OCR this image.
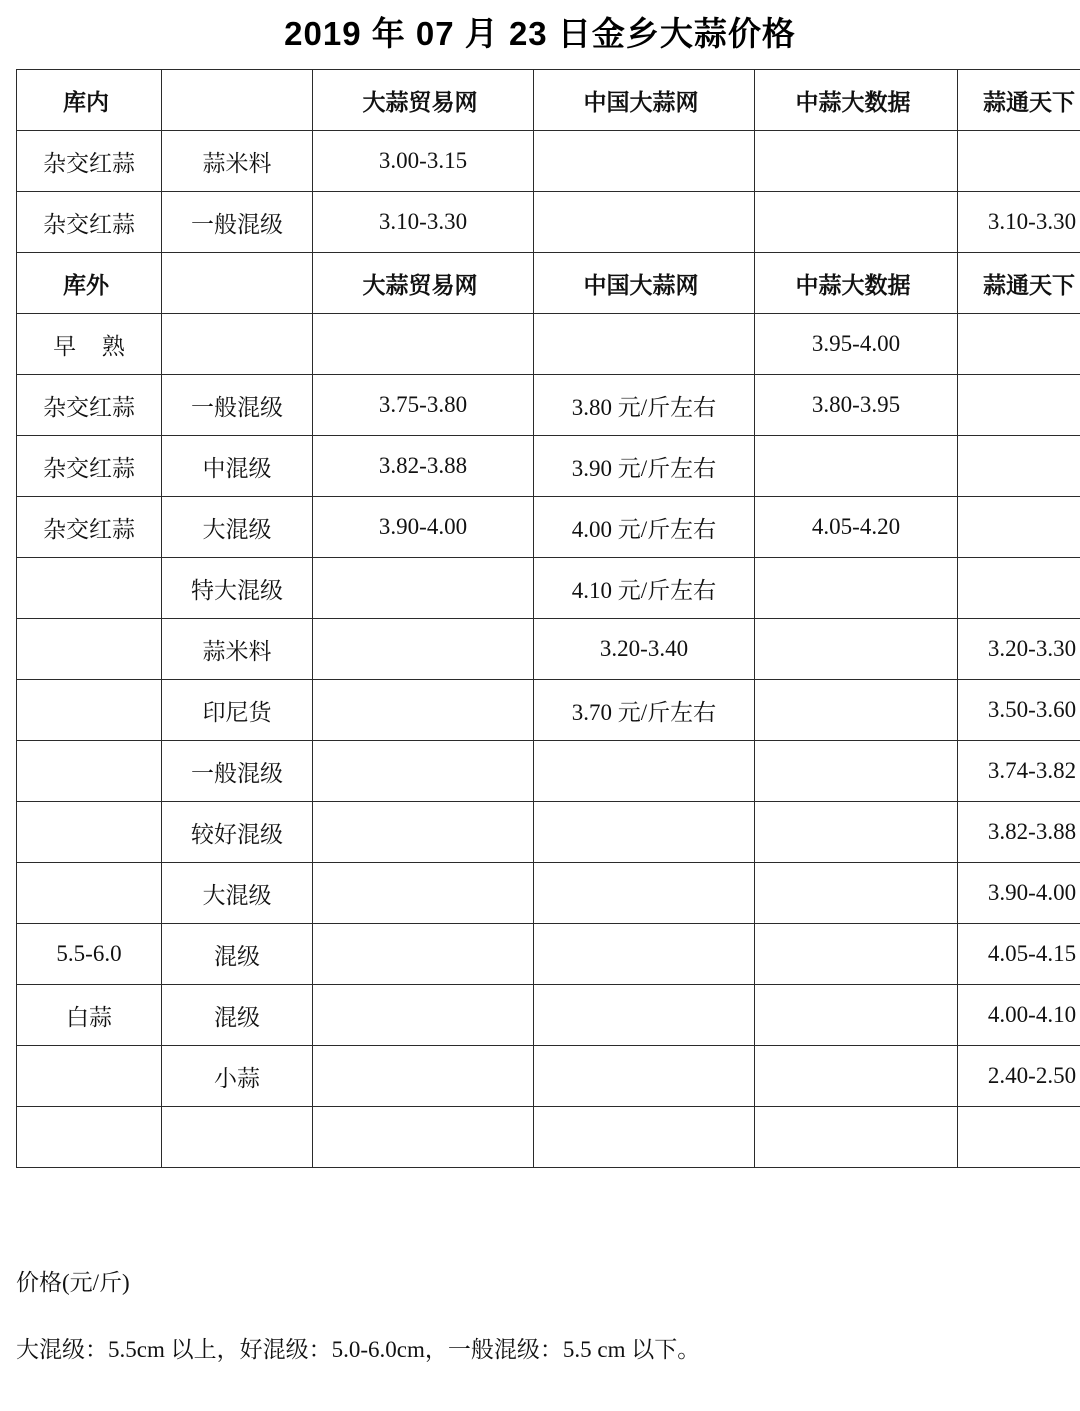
2019 年 07 月 23 日金乡大蒜价格
库内		大蒜贸易网	中国大蒜网	中蒜大数据	蒜通天下
杂交红蒜	蒜米料	3.00-3.15			
杂交红蒜	一般混级	3.10-3.30			3.10-3.30
库外		大蒜贸易网	中国大蒜网	中蒜大数据	蒜通天下
早 熟				3.95-4.00	
杂交红蒜	一般混级	3.75-3.80	3.80 元/斤左右	3.80-3.95	
杂交红蒜	中混级	3.82-3.88	3.90 元/斤左右		
杂交红蒜	大混级	3.90-4.00	4.00 元/斤左右	4.05-4.20	
	特大混级		4.10 元/斤左右		
	蒜米料		3.20-3.40		3.20-3.30
	印尼货		3.70 元/斤左右		3.50-3.60
	一般混级				3.74-3.82
	较好混级				3.82-3.88
	大混级				3.90-4.00
5.5-6.0	混级				4.05-4.15
白蒜	混级				4.00-4.10
	小蒜				2.40-2.50

价格(元/斤)
大混级：5.5cm 以上，好混级：5.0-6.0cm，一般混级：5.5 cm 以下。
